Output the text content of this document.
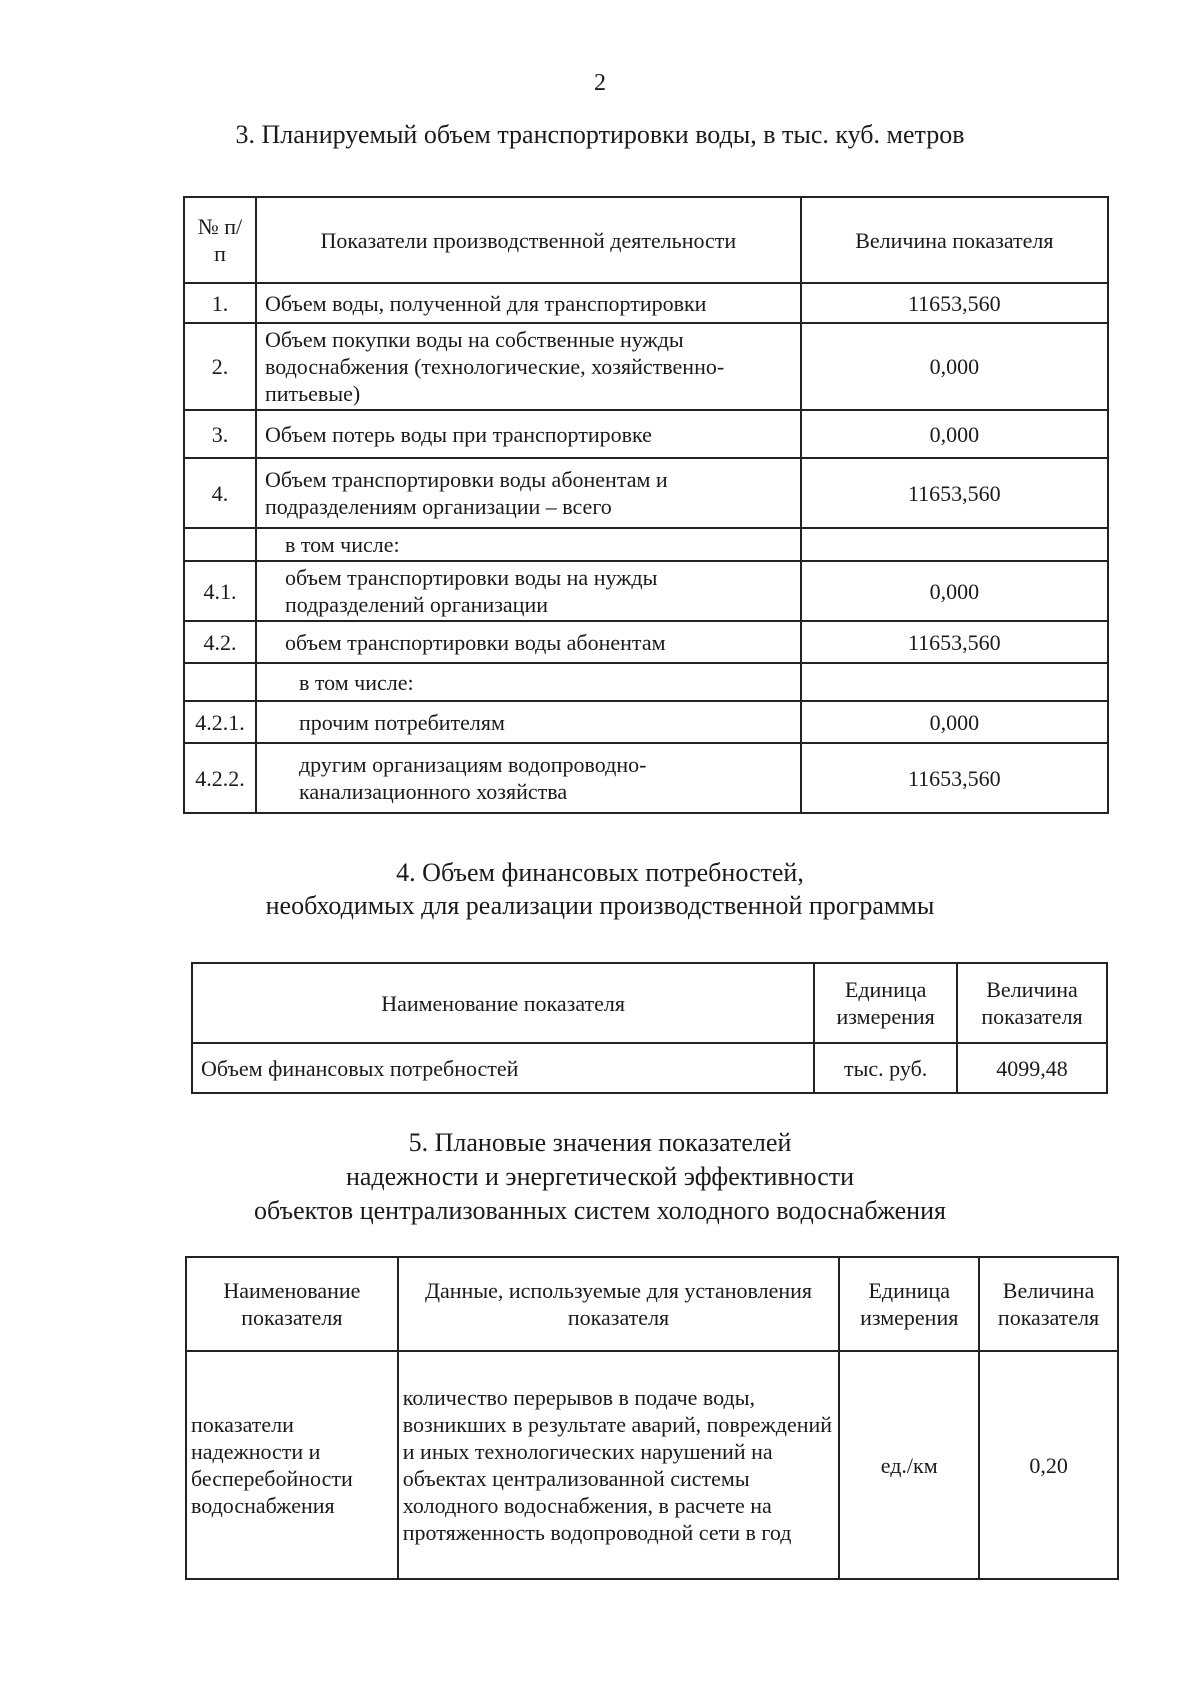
2
3. Планируемый объем транспортировки воды, в тыс. куб. метров
№ п/п	Показатели производственной деятельности	Величина показателя
1.	Объем воды, полученной для транспортировки	11653,560
2.	Объем покупки воды на собственные нужды водоснабжения (технологические, хозяйственно-питьевые)	0,000
3.	Объем потерь воды при транспортировке	0,000
4.	Объем транспортировки воды абонентам и подразделениям организации – всего	11653,560
	в том числе:	
4.1.	объем транспортировки воды на нужды подразделений организации	0,000
4.2.	объем транспортировки воды абонентам	11653,560
	в том числе:	
4.2.1.	прочим потребителям	0,000
4.2.2.	другим организациям водопроводно-канализационного хозяйства	11653,560
4. Объем финансовых потребностей,
необходимых для реализации производственной программы
Наименование показателя	Единица измерения	Величина показателя
Объем финансовых потребностей	тыс. руб.	4099,48
5. Плановые значения показателей
надежности и энергетической эффективности
объектов централизованных систем холодного водоснабжения
Наименование показателя	Данные, используемые для установления показателя	Единица измерения	Величина показателя
показатели надежности и бесперебойности водоснабжения	количество перерывов в подаче воды, возникших в результате аварий, повреждений и иных технологических нарушений на объектах централизованной системы холодного водоснабжения, в расчете на протяженность водопроводной сети в год	ед./км	0,20
